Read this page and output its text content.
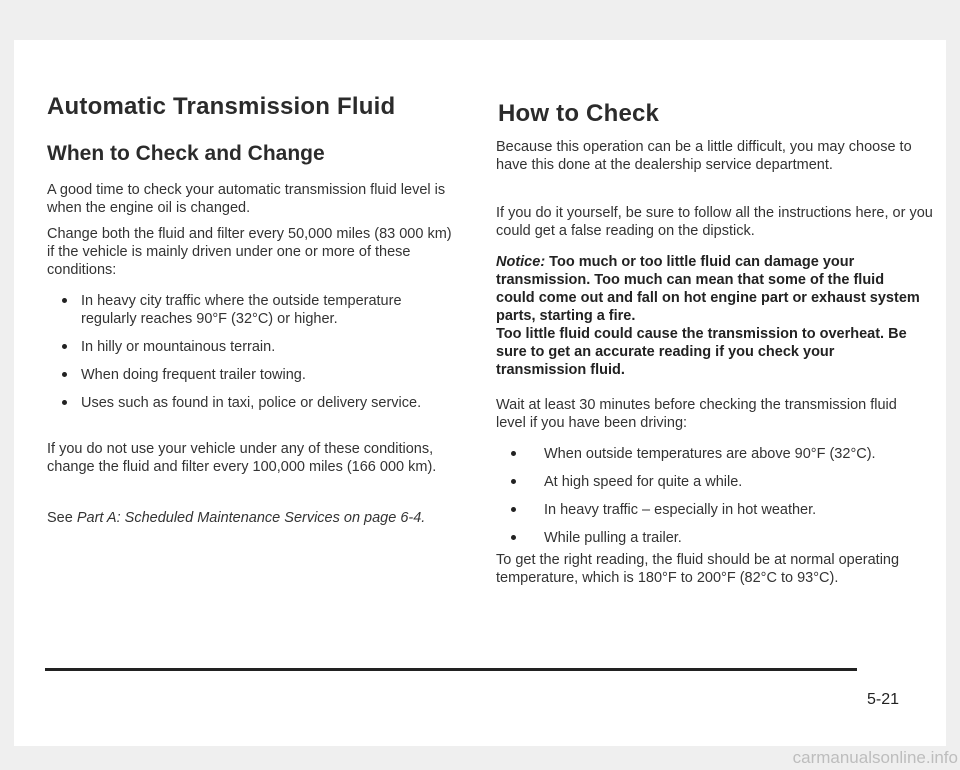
Automatic Transmission Fluid
When to Check and Change

A good time to check your automatic transmission fluid level is when the engine oil is changed.

Change both the fluid and filter every 50,000 miles (83 000 km) if the vehicle is mainly driven under one or more of these conditions:

In heavy city traffic where the outside temperature regularly reaches 90°F (32°C) or higher.
In hilly or mountainous terrain.
When doing frequent trailer towing.
Uses such as found in taxi, police or delivery service.

If you do not use your vehicle under any of these conditions, change the fluid and filter every 100,000 miles (166 000 km).

See Part A: Scheduled Maintenance Services on page 6-4.

How to Check

Because this operation can be a little difficult, you may choose to have this done at the dealership service department.

If you do it yourself, be sure to follow all the instructions here, or you could get a false reading on the dipstick.

Notice: Too much or too little fluid can damage your transmission. Too much can mean that some of the fluid could come out and fall on hot engine part or exhaust system parts, starting a fire.

Too little fluid could cause the transmission to overheat. Be sure to get an accurate reading if you check your transmission fluid.

Wait at least 30 minutes before checking the transmission fluid level if you have been driving:

When outside temperatures are above 90°F (32°C).
At high speed for quite a while.
In heavy traffic – especially in hot weather.
While pulling a trailer.

To get the right reading, the fluid should be at normal operating temperature, which is 180°F to 200°F (82°C to 93°C).

5-21
carmanualsonline.info
